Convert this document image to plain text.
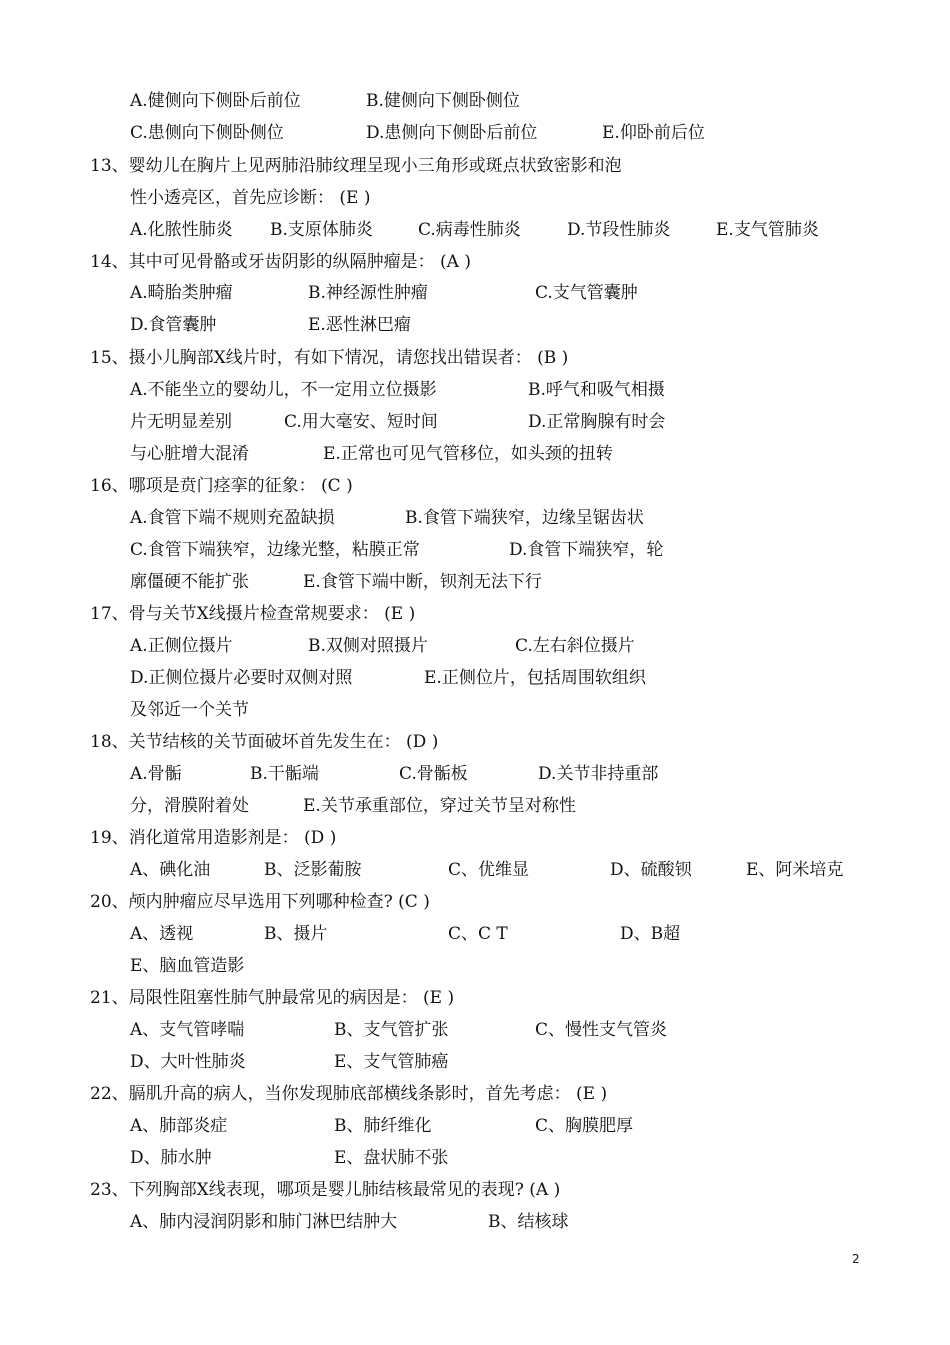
A.健侧向下侧卧后前位	B.健侧向下侧卧侧位
C.患侧向下侧卧侧位	D.患侧向下侧卧后前位	E.仰卧前后位
13、婴幼儿在胸片上见两肺沿肺纹理呈现小三角形或斑点状致密影和泡
性小透亮区，首先应诊断： (E )
A.化脓性肺炎 B.支原体肺炎	C.病毒性肺炎	D.节段性肺炎	E.支气管肺炎
14、其中可见骨骼或牙齿阴影的纵隔肿瘤是： (A )
A.畸胎类肿瘤	B.神经源性肿瘤	C.支气管囊肿
D.食管囊肿	E.恶性淋巴瘤
15、摄小儿胸部X线片时，有如下情况，请您找出错误者： (B )
A.不能坐立的婴幼儿，不一定用立位摄影	B.呼气和吸气相摄
片无明显差别	C.用大毫安、短时间	D.正常胸腺有时会
与心脏增大混淆	E.正常也可见气管移位，如头颈的扭转
16、哪项是贲门痉挛的征象： (C )
A.食管下端不规则充盈缺损	B.食管下端狭窄，边缘呈锯齿状
C.食管下端狭窄，边缘光整，粘膜正常	D.食管下端狭窄，轮
廓僵硬不能扩张	E.食管下端中断，钡剂无法下行
17、骨与关节X线摄片检查常规要求： (E )
A.正侧位摄片	B.双侧对照摄片	C.左右斜位摄片
D.正侧位摄片必要时双侧对照	E.正侧位片，包括周围软组织
及邻近一个关节
18、关节结核的关节面破坏首先发生在： (D )
A.骨骺	B.干骺端	C.骨骺板	D.关节非持重部
分，滑膜附着处	E.关节承重部位，穿过关节呈对称性
19、消化道常用造影剂是： (D )
A、碘化油	B、泛影葡胺	C、优维显	D、硫酸钡	E、阿米培克
20、颅内肿瘤应尽早选用下列哪种检查? (C )
A、透视	B、摄片	C、C T	D、B超
E、脑血管造影
21、局限性阻塞性肺气肿最常见的病因是： (E )
A、支气管哮喘	B、支气管扩张	C、慢性支气管炎
D、大叶性肺炎	E、支气管肺癌
22、膈肌升高的病人，当你发现肺底部横线条影时，首先考虑： (E )
A、肺部炎症	B、肺纤维化	C、胸膜肥厚
D、肺水肿	E、盘状肺不张
23、下列胸部X线表现，哪项是婴儿肺结核最常见的表现? (A )
A、肺内浸润阴影和肺门淋巴结肿大	B、结核球
2
